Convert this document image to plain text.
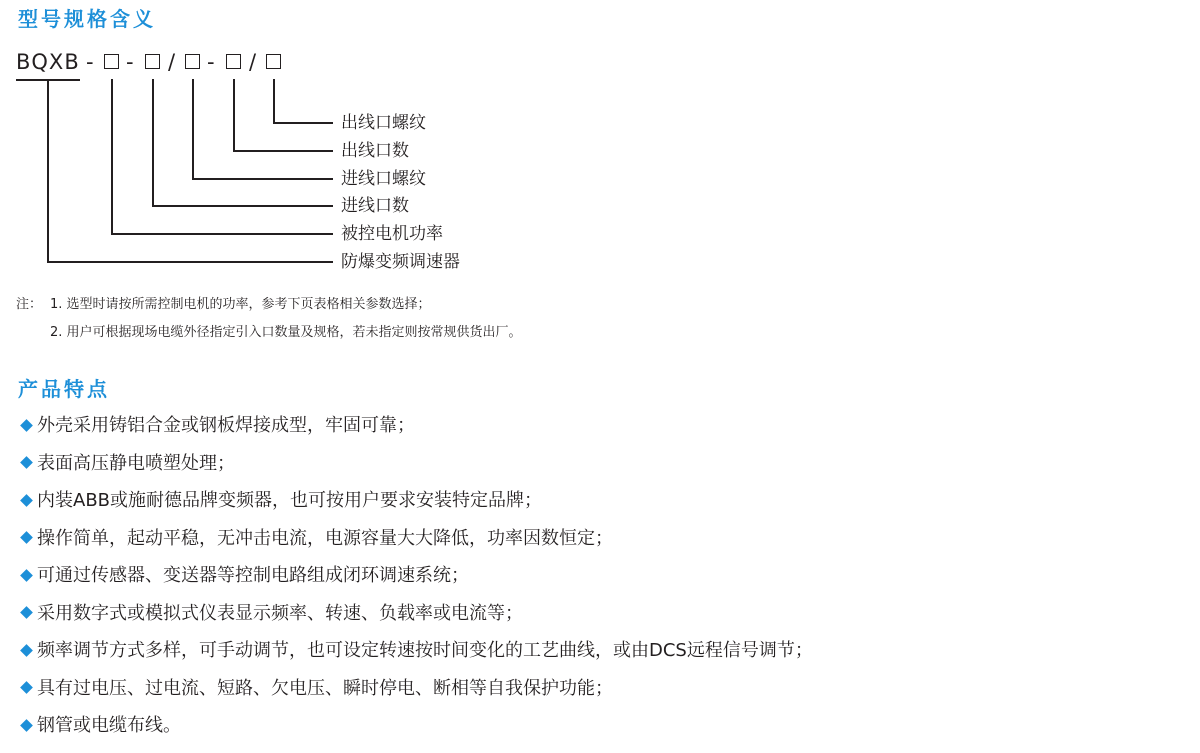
型号规格含义
BQXB - - / - /
出线口螺纹
出线口数
进线口螺纹
进线口数
被控电机功率
防爆变频调速器
注： 1. 选型时请按所需控制电机的功率，参考下页表格相关参数选择；
2. 用户可根据现场电缆外径指定引入口数量及规格，若未指定则按常规供货出厂。
产品特点
外壳采用铸铝合金或钢板焊接成型，牢固可靠；
表面高压静电喷塑处理；
内装ABB或施耐德品牌变频器，也可按用户要求安装特定品牌；
操作简单，起动平稳，无冲击电流，电源容量大大降低，功率因数恒定；
可通过传感器、变送器等控制电路组成闭环调速系统；
采用数字式或模拟式仪表显示频率、转速、负载率或电流等；
频率调节方式多样，可手动调节，也可设定转速按时间变化的工艺曲线，或由DCS远程信号调节；
具有过电压、过电流、短路、欠电压、瞬时停电、断相等自我保护功能；
钢管或电缆布线。
